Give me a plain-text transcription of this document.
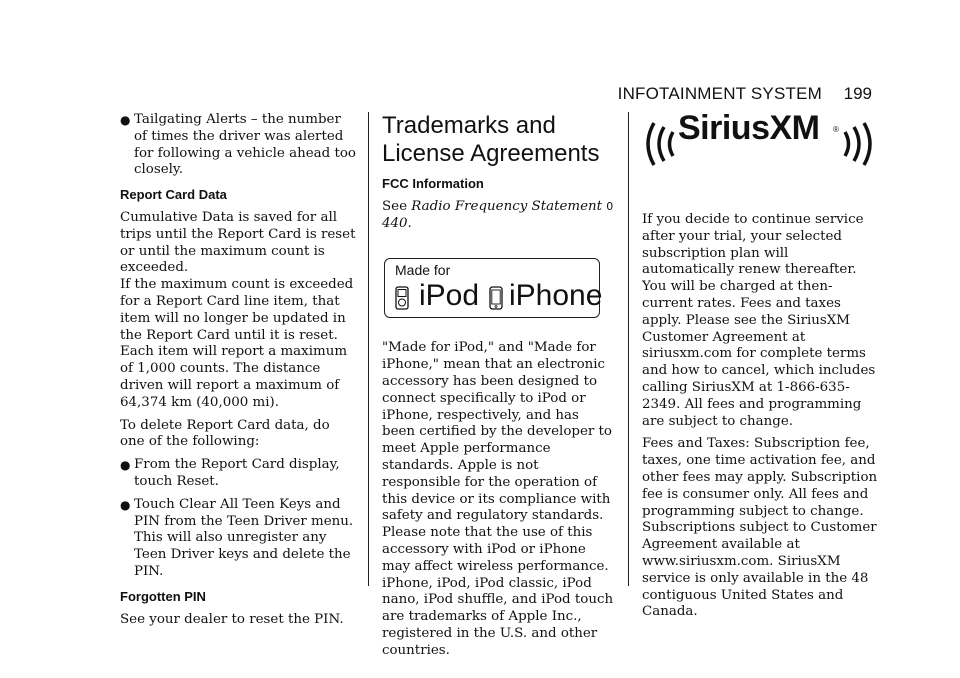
INFOTAINMENT SYSTEM 199
● Tailgating Alerts – the number of times the driver was alerted for following a vehicle ahead too closely.
Report Card Data

Cumulative Data is saved for all trips until the Report Card is reset or until the maximum count is exceeded.

If the maximum count is exceeded for a Report Card line item, that item will no longer be updated in the Report Card until it is reset. Each item will report a maximum of 1,000 counts. The distance driven will report a maximum of 64,374 km (40,000 mi).

To delete Report Card data, do one of the following:

● From the Report Card display, touch Reset.
● Touch Clear All Teen Keys and PIN from the Teen Driver menu. This will also unregister any Teen Driver keys and delete the PIN.
Forgotten PIN

See your dealer to reset the PIN.

Trademarks and License Agreements
FCC Information

See Radio Frequency Statement 0 440.

Made for
iPod iPhone

"Made for iPod," and "Made for iPhone," mean that an electronic accessory has been designed to connect specifically to iPod or iPhone, respectively, and has been certified by the developer to meet Apple performance standards. Apple is not responsible for the operation of this device or its compliance with safety and regulatory standards. Please note that the use of this accessory with iPod or iPhone may affect wireless performance. iPhone, iPod, iPod classic, iPod nano, iPod shuffle, and iPod touch are trademarks of Apple Inc., registered in the U.S. and other countries.

SiriusXM ®

If you decide to continue service after your trial, your selected subscription plan will automatically renew thereafter. You will be charged at then-current rates. Fees and taxes apply. Please see the SiriusXM Customer Agreement at siriusxm.com for complete terms and how to cancel, which includes calling SiriusXM at 1-866-635-2349. All fees and programming are subject to change.

Fees and Taxes: Subscription fee, taxes, one time activation fee, and other fees may apply. Subscription fee is consumer only. All fees and programming subject to change. Subscriptions subject to Customer Agreement available at www.siriusxm.com. SiriusXM service is only available in the 48 contiguous United States and Canada.
